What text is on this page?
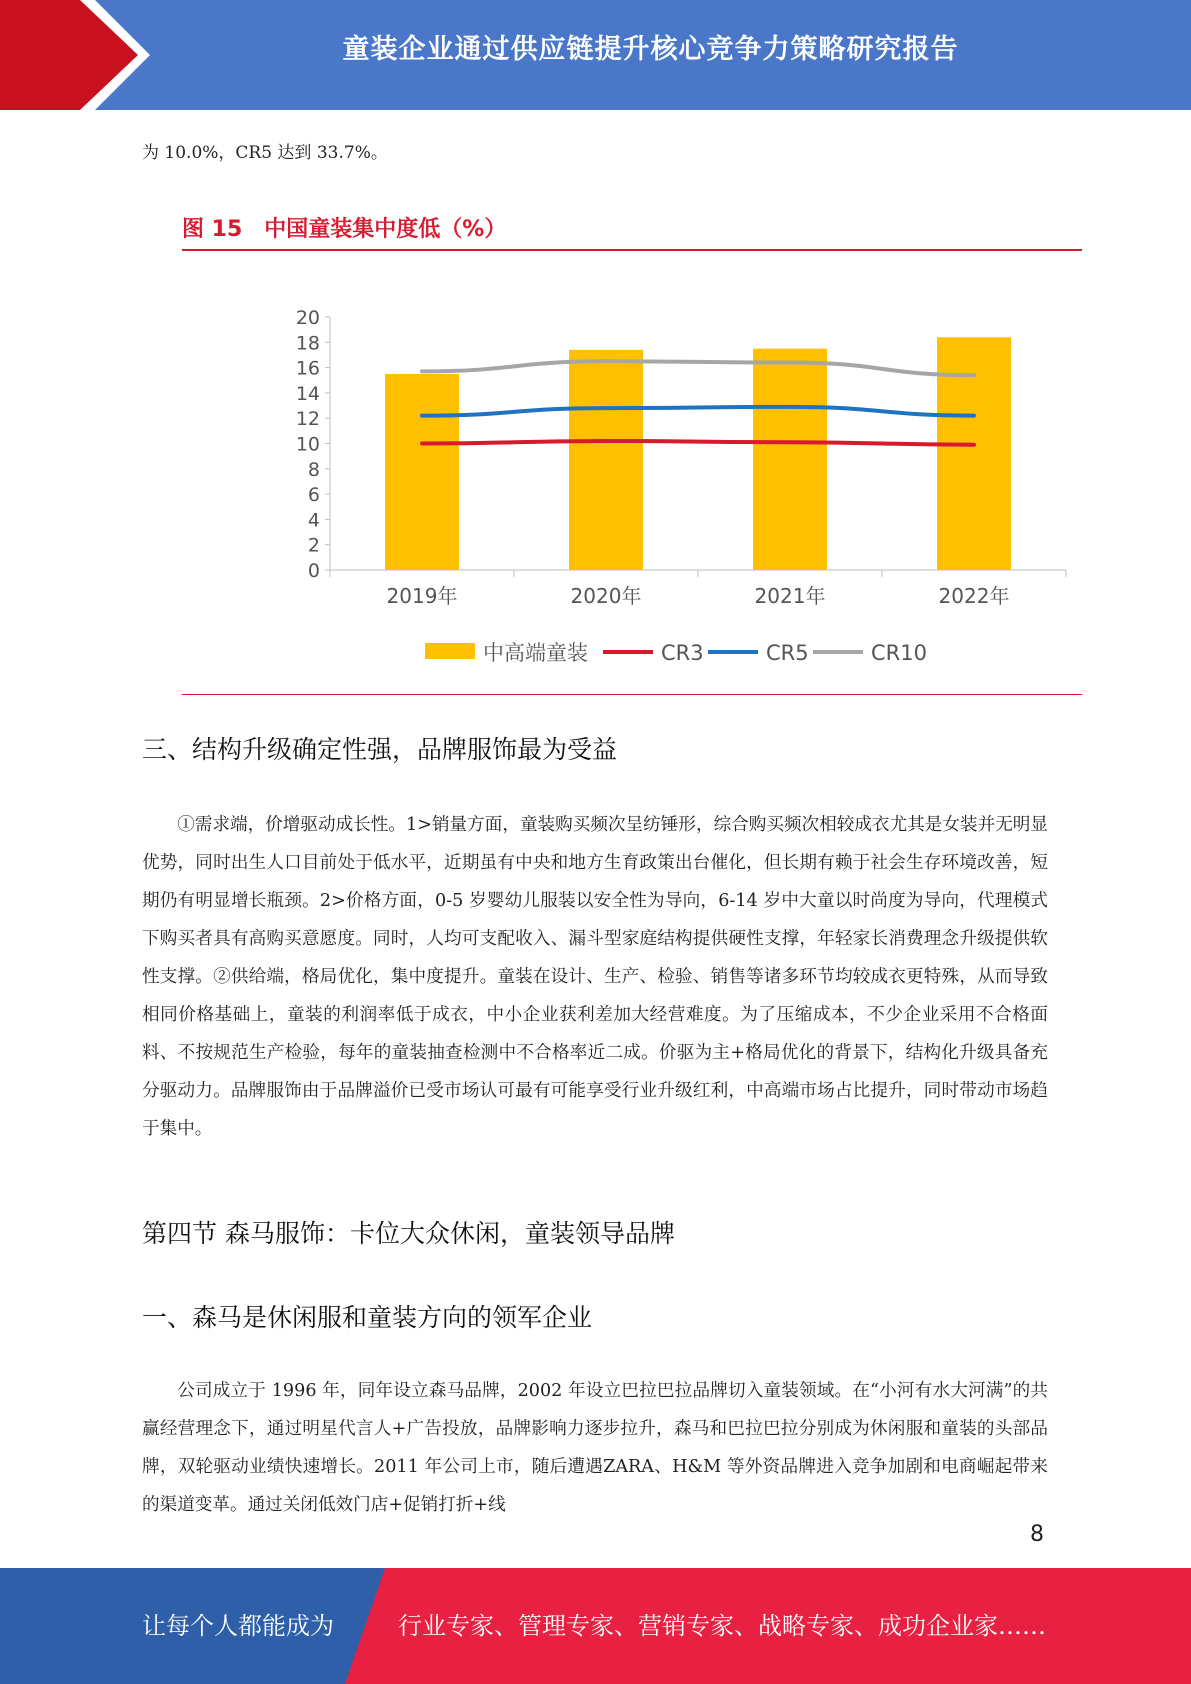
童装企业通过供应链提升核心竞争力策略研究报告
为 10.0%，CR5 达到 33.7%。
图 15　中国童装集中度低（%）
0
2
4
6
8
10
12
14
16
18
20
2019年	2020年	2021年	2022年
中高端童装	CR3	CR5	CR10
三、结构升级确定性强，品牌服饰最为受益
①需求端，价增驱动成长性。1>销量方面，童装购买频次呈纺锤形，综合购买频次相较成衣尤其是女装并无明显优势，同时出生人口目前处于低水平，近期虽有中央和地方生育政策出台催化，但长期有赖于社会生存环境改善，短期仍有明显增长瓶颈。2>价格方面，0-5 岁婴幼儿服装以安全性为导向，6-14 岁中大童以时尚度为导向，代理模式下购买者具有高购买意愿度。同时，人均可支配收入、漏斗型家庭结构提供硬性支撑，年轻家长消费理念升级提供软性支撑。②供给端，格局优化，集中度提升。童装在设计、生产、检验、销售等诸多环节均较成衣更特殊，从而导致相同价格基础上，童装的利润率低于成衣，中小企业获利差加大经营难度。为了压缩成本，不少企业采用不合格面料、不按规范生产检验，每年的童装抽查检测中不合格率近二成。价驱为主+格局优化的背景下，结构化升级具备充分驱动力。品牌服饰由于品牌溢价已受市场认可最有可能享受行业升级红利，中高端市场占比提升，同时带动市场趋于集中。
第四节 森马服饰：卡位大众休闲，童装领导品牌
一、森马是休闲服和童装方向的领军企业
公司成立于 1996 年，同年设立森马品牌，2002 年设立巴拉巴拉品牌切入童装领域。在“小河有水大河满”的共赢经营理念下，通过明星代言人+广告投放，品牌影响力逐步拉升，森马和巴拉巴拉分别成为休闲服和童装的头部品牌，双轮驱动业绩快速增长。2011 年公司上市，随后遭遇ZARA、H&M 等外资品牌进入竞争加剧和电商崛起带来的渠道变革。通过关闭低效门店+促销打折+线
8
让每个人都能成为	行业专家、管理专家、营销专家、战略专家、成功企业家……
